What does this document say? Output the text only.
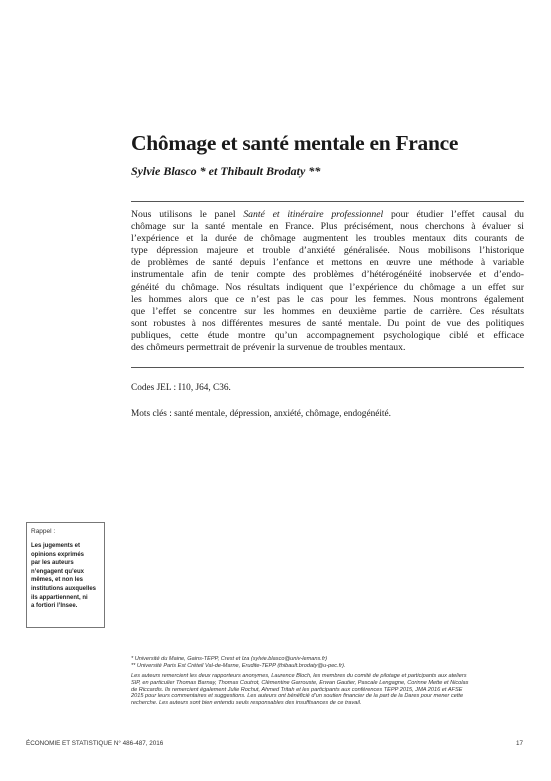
Chômage et santé mentale en France
Sylvie Blasco * et Thibault Brodaty **

Nous utilisons le panel Santé et itinéraire professionnel pour étudier l’effet causal du
chômage sur la santé mentale en France. Plus précisément, nous cherchons à évaluer si
l’expérience et la durée de chômage augmentent les troubles mentaux dits courants de
type dépression majeure et trouble d’anxiété généralisée. Nous mobilisons l’historique
de problèmes de santé depuis l’enfance et mettons en œuvre une méthode à variable
instrumentale afin de tenir compte des problèmes d’hétérogénéité inobservée et d’endo-
généité du chômage. Nos résultats indiquent que l’expérience du chômage a un effet sur
les hommes alors que ce n’est pas le cas pour les femmes. Nous montrons également
que l’effet se concentre sur les hommes en deuxième partie de carrière. Ces résultats
sont robustes à nos différentes mesures de santé mentale. Du point de vue des politiques
publiques, cette étude montre qu’un accompagnement psychologique ciblé et efficace
des chômeurs permettrait de prévenir la survenue de troubles mentaux.

Codes JEL : I10, J64, C36.
Mots clés : santé mentale, dépression, anxiété, chômage, endogénéité.
Rappel :
Les jugements et
opinions exprimés
par les auteurs
n’engagent qu’eux
mêmes, et non les
institutions auxquelles
ils appartiennent, ni
a fortiori l’Insee.
* Université du Maine, Gains-TEPP, Crest et Iza (sylvie.blasco@univ-lemans.fr)
** Université Paris Est Créteil Val-de-Marne, Erudite-TEPP (thibault.brodaty@u-pec.fr).
Les auteurs remercient les deux rapporteurs anonymes, Laurence Bloch, les membres du comité de pilotage et participants aux ateliers
SIP, en particulier Thomas Barnay, Thomas Coutrot, Clémentine Garrouste, Erwan Gautier, Pascale Lengagne, Corinne Mette et Nicolas
de Riccardis. Ils remercient également Julie Rochut, Ahmed Tritah et les participants aux conférences TEPP 2015, JMA 2016 et AFSE
2015 pour leurs commentaires et suggestions. Les auteurs ont bénéficié d’un soutien financier de la part de la Dares pour mener cette
recherche. Les auteurs sont bien entendu seuls responsables des insuffisances de ce travail.
ÉCONOMIE ET STATISTIQUE N° 486-487, 2016	17
